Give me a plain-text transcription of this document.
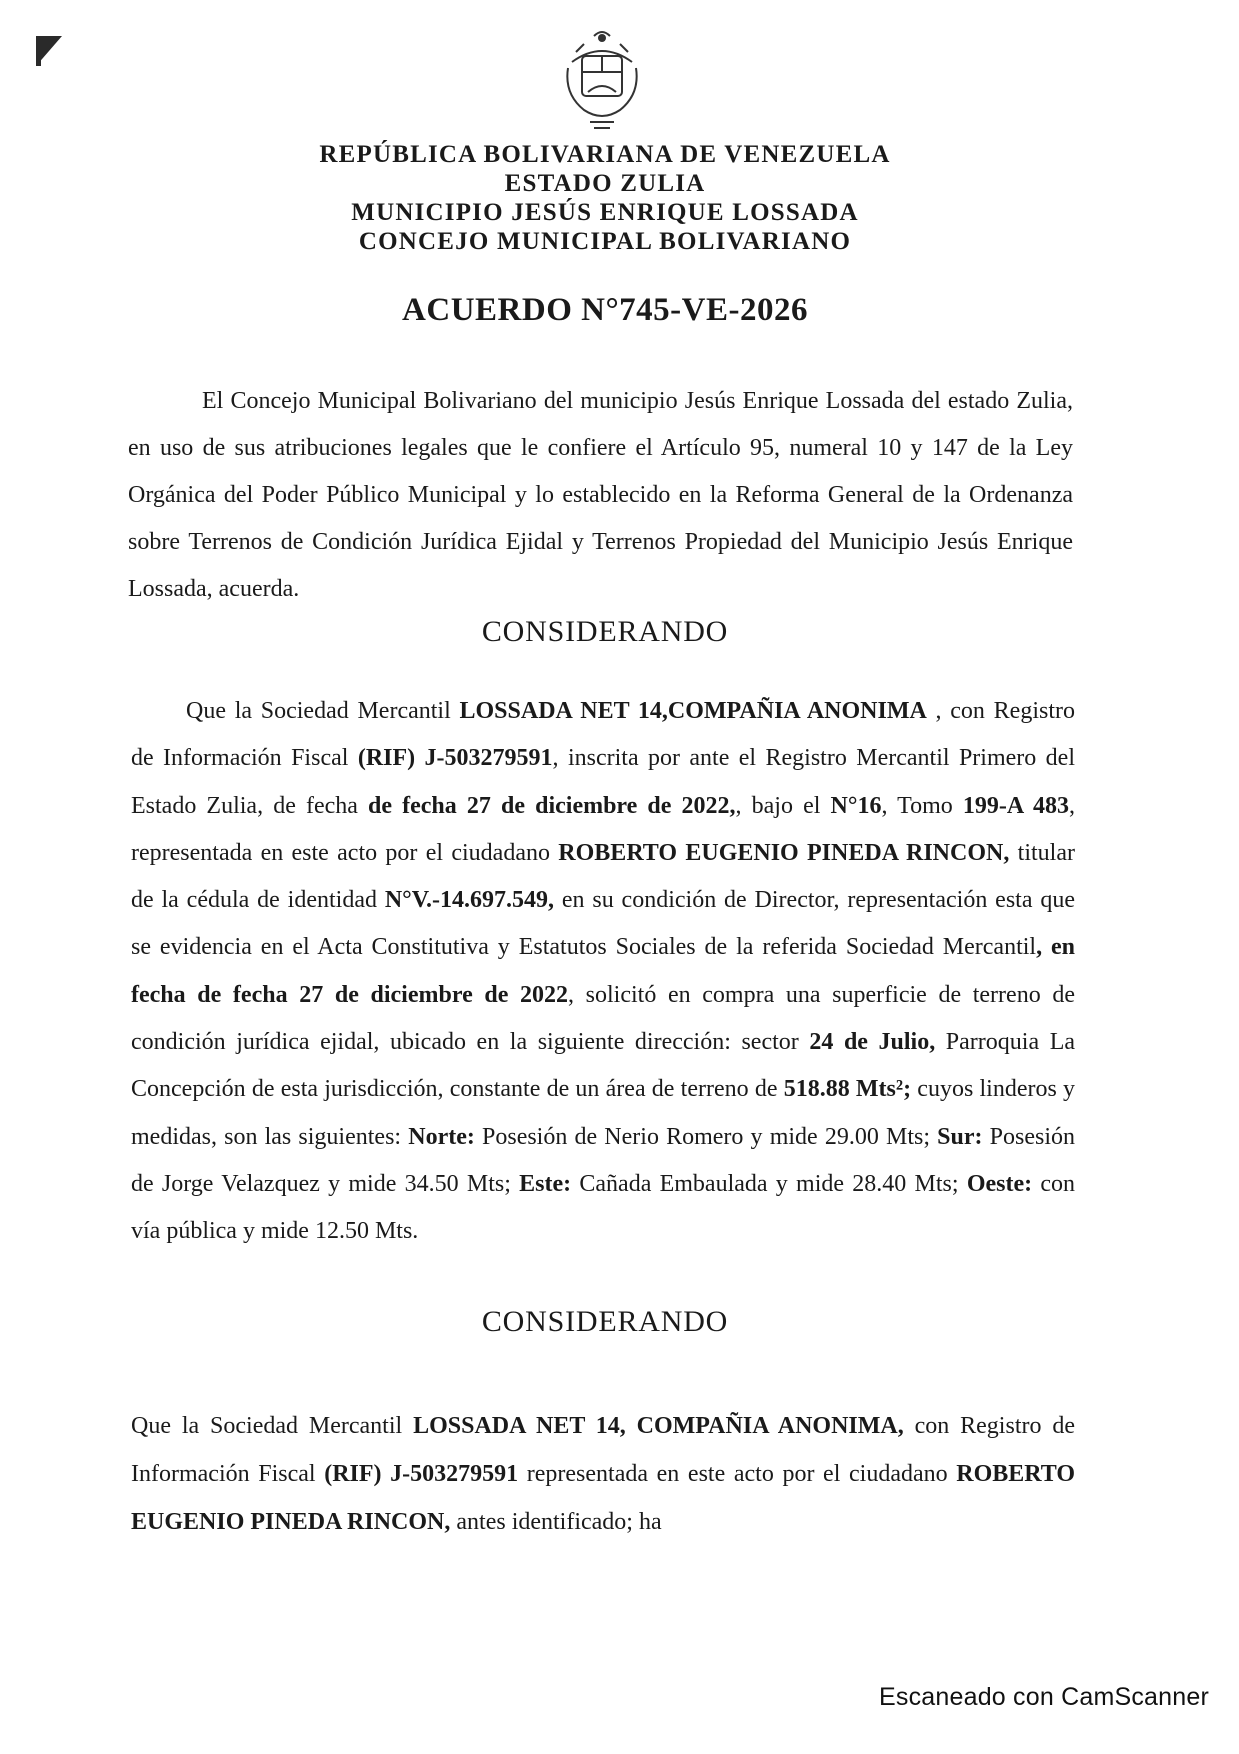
REPÚBLICA BOLIVARIANA DE VENEZUELA
ESTADO ZULIA
MUNICIPIO JESÚS ENRIQUE LOSSADA
CONCEJO MUNICIPAL BOLIVARIANO
ACUERDO N°745-VE-2026

El Concejo Municipal Bolivariano del municipio Jesús Enrique Lossada del estado Zulia, en uso de sus atribuciones legales que le confiere el Artículo 95, numeral 10 y 147 de la Ley Orgánica del Poder Público Municipal y lo establecido en la Reforma General de la Ordenanza sobre Terrenos de Condición Jurídica Ejidal y Terrenos Propiedad del Municipio Jesús Enrique Lossada, acuerda.

CONSIDERANDO

Que la Sociedad Mercantil LOSSADA NET 14,COMPAÑIA ANONIMA , con Registro de Información Fiscal (RIF) J-503279591, inscrita por ante el Registro Mercantil Primero del Estado Zulia, de fecha de fecha 27 de diciembre de 2022,, bajo el N°16, Tomo 199-A 483, representada en este acto por el ciudadano ROBERTO EUGENIO PINEDA RINCON, titular de la cédula de identidad N°V.-14.697.549, en su condición de Director, representación esta que se evidencia en el Acta Constitutiva y Estatutos Sociales de la referida Sociedad Mercantil, en fecha de fecha 27 de diciembre de 2022, solicitó en compra una superficie de terreno de condición jurídica ejidal, ubicado en la siguiente dirección: sector 24 de Julio, Parroquia La Concepción de esta jurisdicción, constante de un área de terreno de 518.88 Mts²; cuyos linderos y medidas, son las siguientes: Norte: Posesión de Nerio Romero y mide 29.00 Mts; Sur: Posesión de Jorge Velazquez y mide 34.50 Mts; Este: Cañada Embaulada y mide 28.40 Mts; Oeste: con vía pública y mide 12.50 Mts.

CONSIDERANDO

Que la Sociedad Mercantil LOSSADA NET 14, COMPAÑIA ANONIMA, con Registro de Información Fiscal (RIF) J-503279591 representada en este acto por el ciudadano ROBERTO EUGENIO PINEDA RINCON, antes identificado; ha

Escaneado con CamScanner
